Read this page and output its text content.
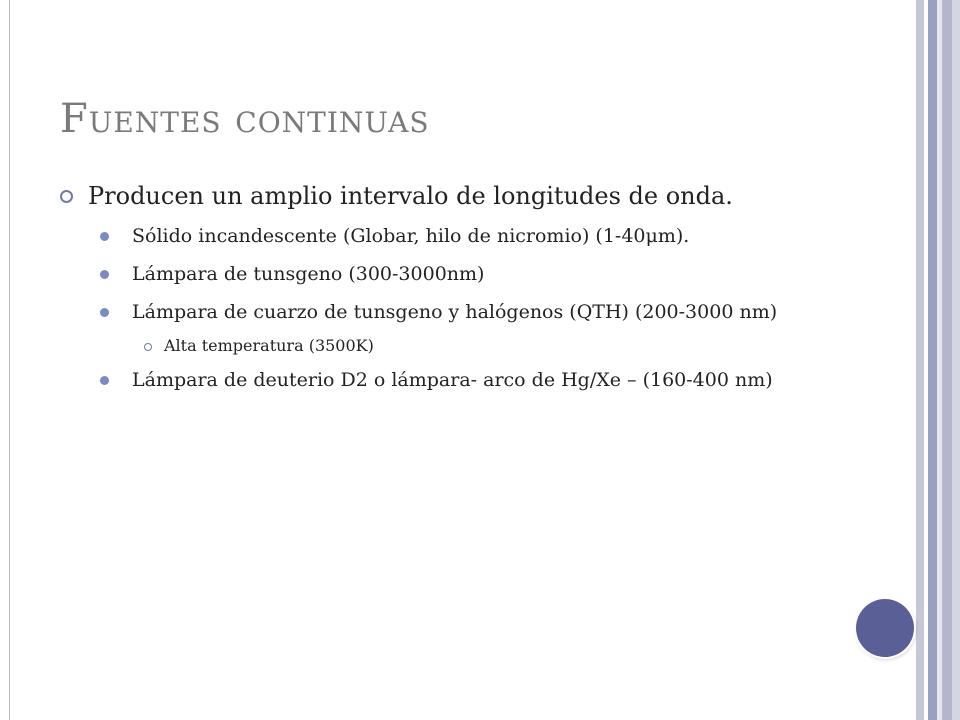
Fuentes continuas
Producen un amplio intervalo de longitudes de onda.
Sólido incandescente (Globar, hilo de nicromio) (1-40μm).
Lámpara de tunsgeno (300-3000nm)
Lámpara de cuarzo de tunsgeno y halógenos (QTH) (200-3000 nm)
Alta temperatura (3500K)
Lámpara de deuterio D2 o lámpara- arco de Hg/Xe – (160-400 nm)
